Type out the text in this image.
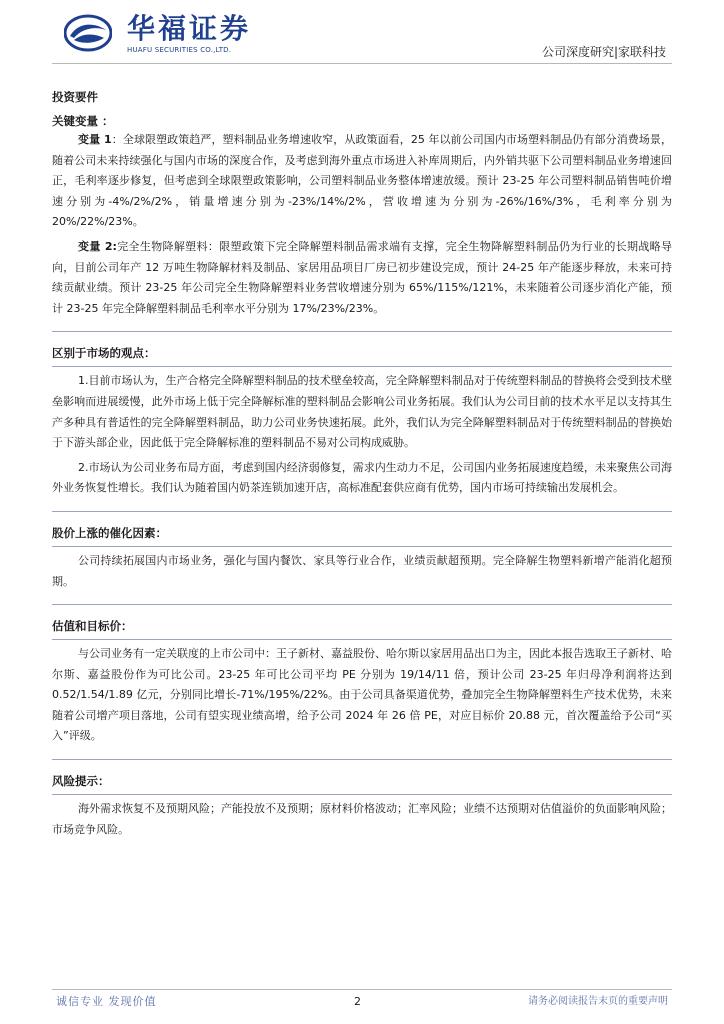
华福证券
HUAFU SECURITIES CO.,LTD.	公司深度研究|家联科技

投资要件

关键变量 ：

变量 1：全球限塑政策趋严，塑料制品业务增速收窄，从政策面看，25 年以前公司国内市场塑料制品仍有部分消费场景，随着公司未来持续强化与国内市场的深度合作，及考虑到海外重点市场进入补库周期后，内外销共驱下公司塑料制品业务增速回正，毛利率逐步修复，但考虑到全球限塑政策影响，公司塑料制品业务整体增速放缓。预计 23-25 年公司塑料制品销售吨价增速分别为-4%/2%/2%，销量增速分别为-23%/14%/2%，营收增速为分别为-26%/16%/3%，毛利率分别为 20%/22%/23%。

变量 2:完全生物降解塑料：限塑政策下完全降解塑料制品需求端有支撑，完全生物降解塑料制品仍为行业的长期战略导向，目前公司年产 12 万吨生物降解材料及制品、家居用品项目厂房已初步建设完成，预计 24-25 年产能逐步释放，未来可持续贡献业绩。预计 23-25 年公司完全生物降解塑料业务营收增速分别为 65%/115%/121%，未来随着公司逐步消化产能，预计 23-25 年完全降解塑料制品毛利率水平分别为 17%/23%/23%。

区别于市场的观点：

1.目前市场认为，生产合格完全降解塑料制品的技术壁垒较高，完全降解塑料制品对于传统塑料制品的替换将会受到技术壁垒影响而进展缓慢，此外市场上低于完全降解标准的塑料制品会影响公司业务拓展。我们认为公司目前的技术水平足以支持其生产多种具有普适性的完全降解塑料制品，助力公司业务快速拓展。此外，我们认为完全降解塑料制品对于传统塑料制品的替换始于下游头部企业，因此低于完全降解标准的塑料制品不易对公司构成威胁。

2.市场认为公司业务布局方面，考虑到国内经济弱修复，需求内生动力不足，公司国内业务拓展速度趋缓，未来聚焦公司海外业务恢复性增长。我们认为随着国内奶茶连锁加速开店，高标准配套供应商有优势，国内市场可持续输出发展机会。

股价上涨的催化因素：

公司持续拓展国内市场业务，强化与国内餐饮、家具等行业合作，业绩贡献超预期。完全降解生物塑料新增产能消化超预期。

估值和目标价：

与公司业务有一定关联度的上市公司中：王子新材、嘉益股份、哈尔斯以家居用品出口为主，因此本报告选取王子新材、哈尔斯、嘉益股份作为可比公司。23-25 年可比公司平均 PE 分别为 19/14/11 倍，预计公司 23-25 年归母净利润将达到 0.52/1.54/1.89 亿元，分别同比增长-71%/195%/22%。由于公司具备渠道优势，叠加完全生物降解塑料生产技术优势，未来随着公司增产项目落地，公司有望实现业绩高增，给予公司 2024 年 26 倍 PE，对应目标价 20.88 元，首次覆盖给予公司“买入”评级。

风险提示：

海外需求恢复不及预期风险；产能投放不及预期；原材料价格波动；汇率风险；业绩不达预期对估值溢价的负面影响风险；市场竞争风险。

诚信专业 发现价值	2	请务必阅读报告末页的重要声明
